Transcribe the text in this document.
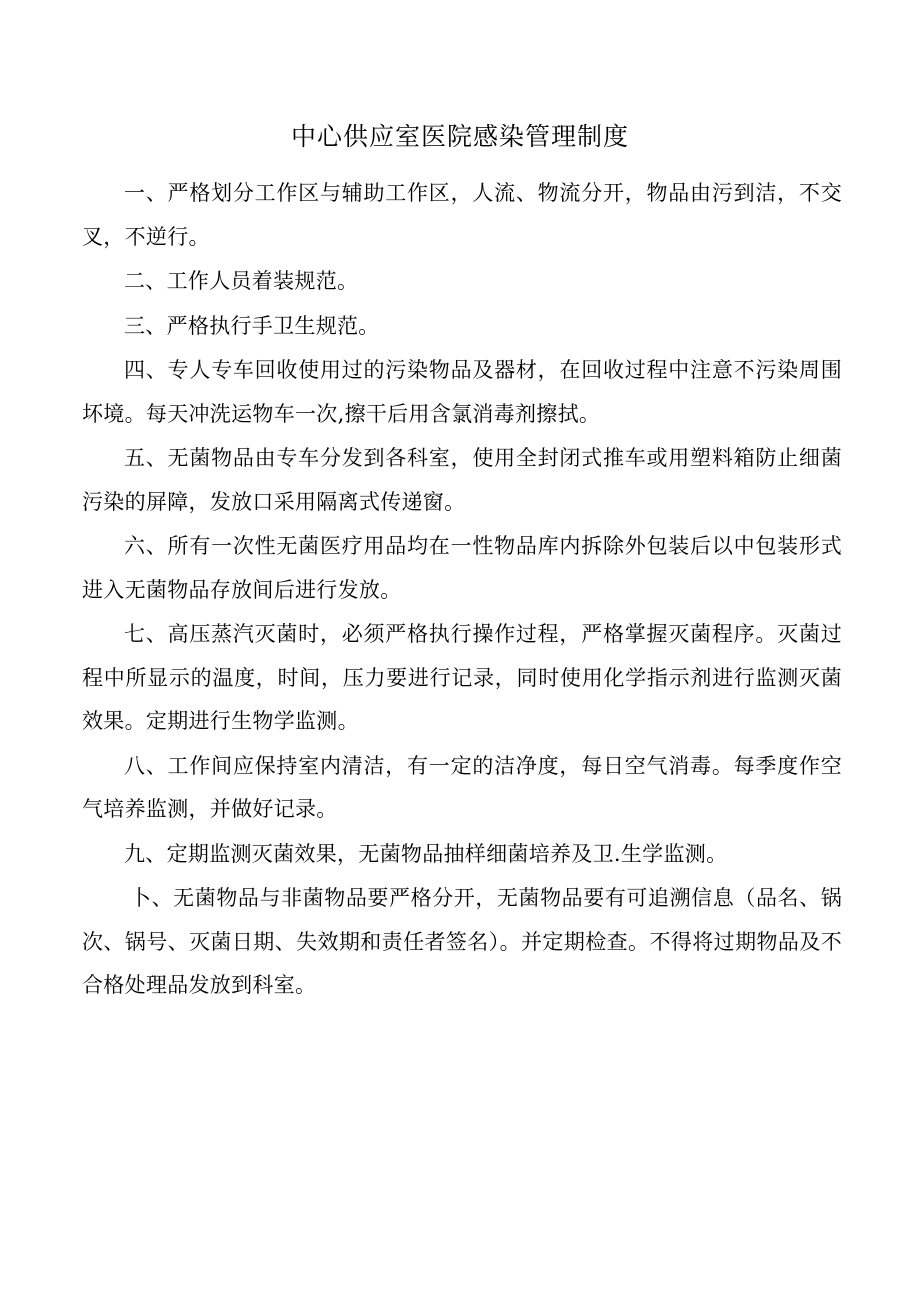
中心供应室医院感染管理制度

一、严格划分工作区与辅助工作区，人流、物流分开，物品由污到洁，不交叉，不逆行。

二、工作人员着装规范。

三、严格执行手卫生规范。

四、专人专车回收使用过的污染物品及器材，在回收过程中注意不污染周围坏境。每天冲洗运物车一次,擦干后用含氯消毒剂擦拭。

五、无菌物品由专车分发到各科室，使用全封闭式推车或用塑料箱防止细菌污染的屏障，发放口采用隔离式传递窗。

六、所有一次性无菌医疗用品均在一性物品库内拆除外包装后以中包装形式进入无菌物品存放间后进行发放。

七、高压蒸汽灭菌时，必须严格执行操作过程，严格掌握灭菌程序。灭菌过程中所显示的温度，时间，压力要进行记录，同时使用化学指示剂进行监测灭菌效果。定期进行生物学监测。

八、工作间应保持室内清洁，有一定的洁净度，每日空气消毒。每季度作空气培养监测，并做好记录。

九、定期监测灭菌效果，无菌物品抽样细菌培养及卫.生学监测。

卜、无菌物品与非菌物品要严格分开，无菌物品要有可追溯信息（品名、锅次、锅号、灭菌日期、失效期和责任者签名）。并定期检查。不得将过期物品及不合格处理品发放到科室。
